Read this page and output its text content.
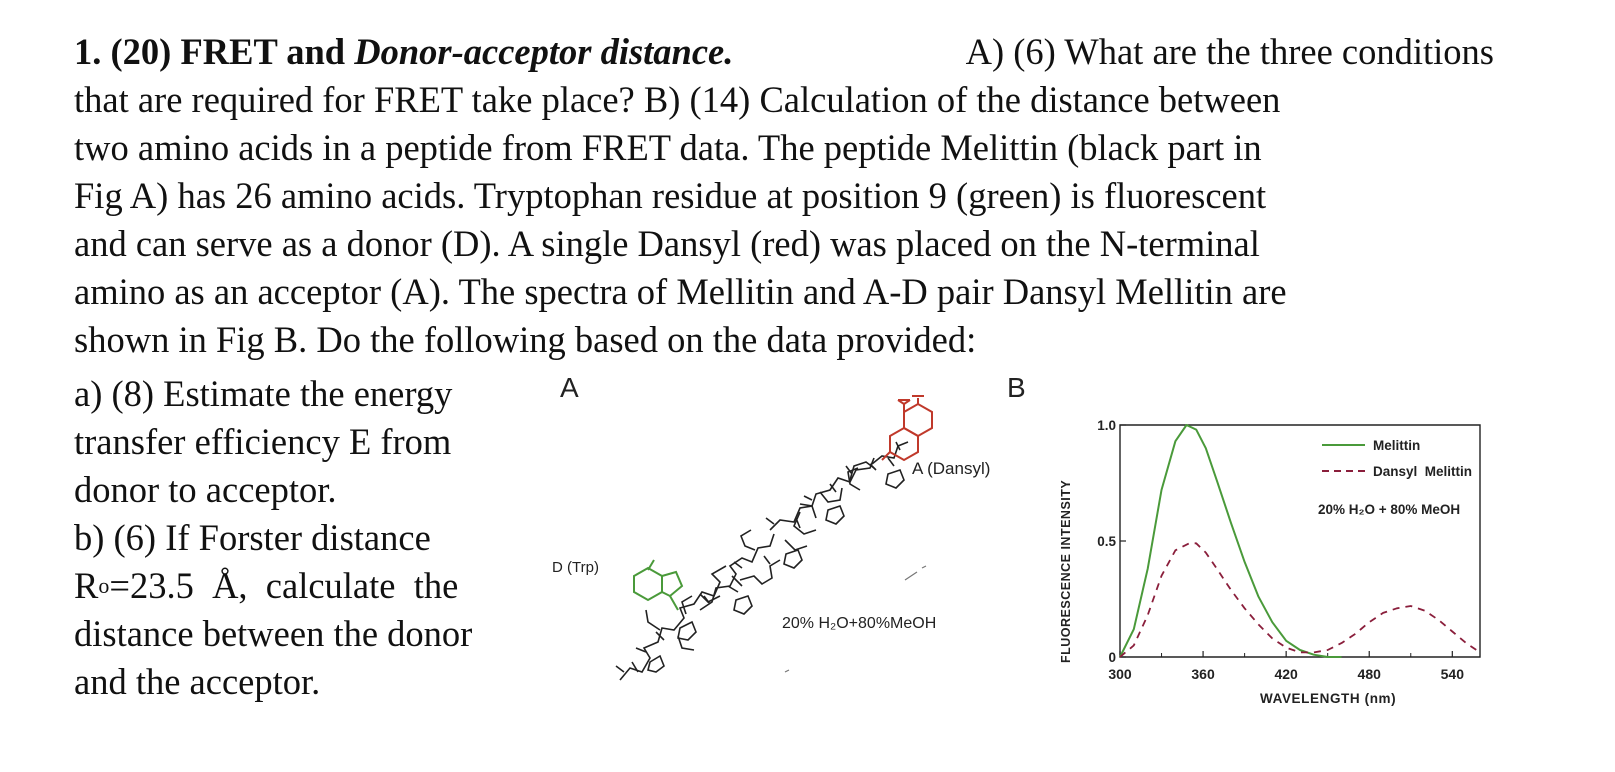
1. (20) FRET and Donor-acceptor distance.	A) (6) What are the three conditions
that are required for FRET take place? B) (14) Calculation of the distance between
two amino acids in a peptide from FRET data. The peptide Melittin (black part in
Fig A) has 26 amino acids. Tryptophan residue at position 9 (green) is fluorescent
and can serve as a donor (D). A single Dansyl (red) was placed on the N-terminal
amino as an acceptor (A). The spectra of Mellitin and A-D pair Dansyl Mellitin are
shown in Fig B. Do the following based on the data provided:
a) (8) Estimate the energy
transfer efficiency E from
donor to acceptor.
b) (6) If Forster distance
R o =23.5  Å,  calculate  the
distance between the donor
and the acceptor.
A
A (Dansyl)
D (Trp)
20% H₂O+80%MeOH
B
300	360	420	480	540
0
0.5
1.0
FLUORESCENCE INTENSITY
WAVELENGTH (nm)
Melittin
Dansyl  Melittin
20% H₂O + 80% MeOH
